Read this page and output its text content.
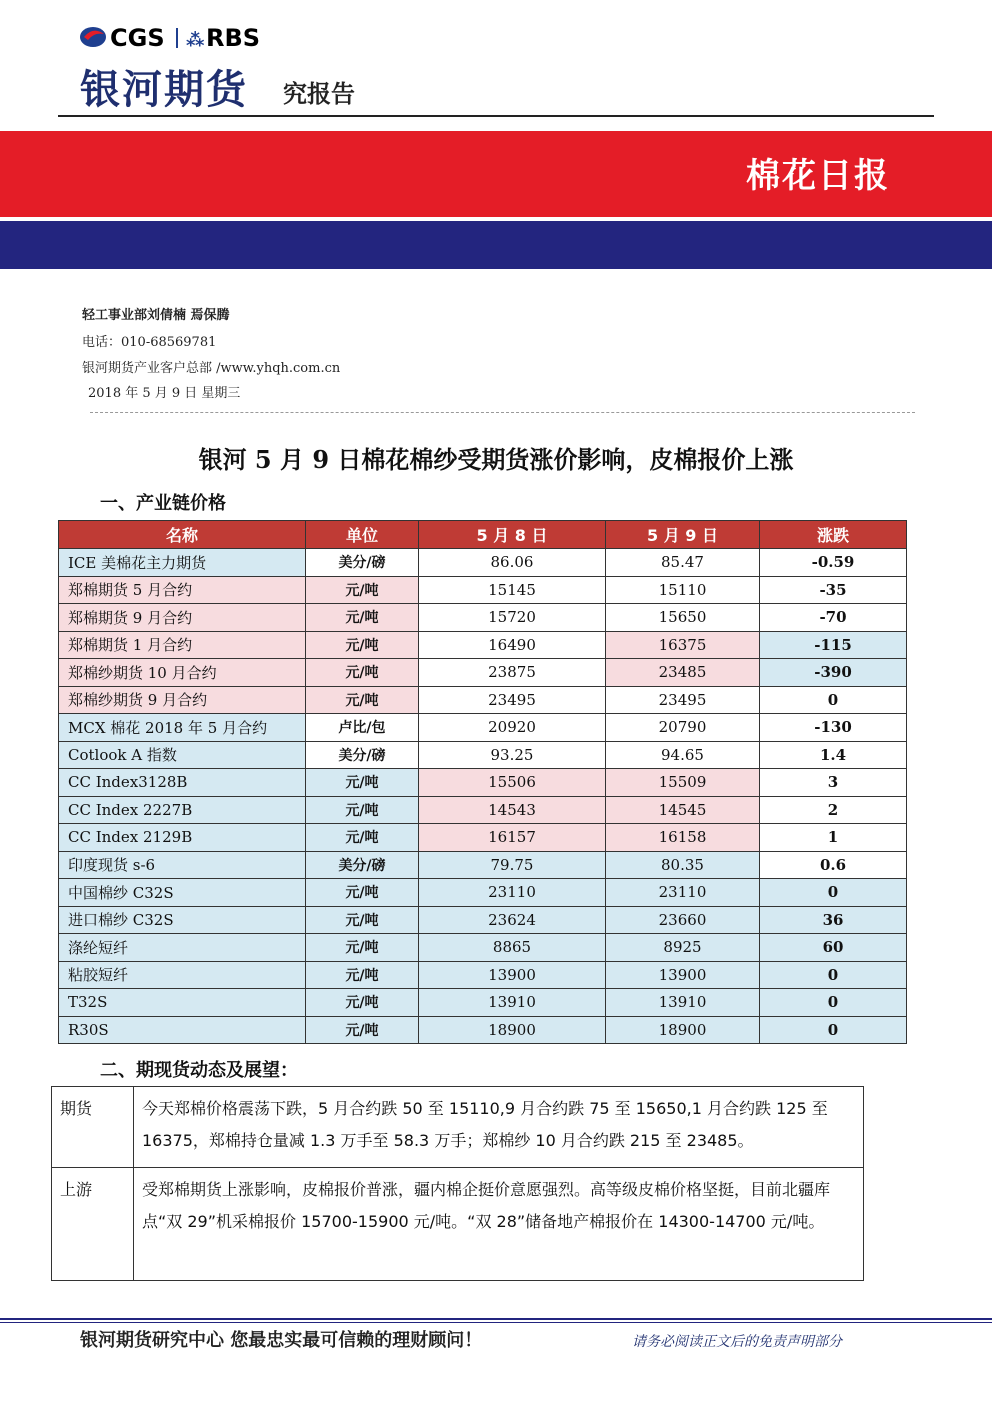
CGS ⁂ RBS
银河期货 究报告
棉花日报
轻工事业部刘倩楠 焉保腾
电话：010-68569781
银河期货产业客户总部 /www.yhqh.com.cn
2018 年 5 月 9 日 星期三
银河 5 月 9 日棉花棉纱受期货涨价影响，皮棉报价上涨
一、产业链价格
名称	单位	5 月 8 日	5 月 9 日	涨跌
ICE 美棉花主力期货	美分/磅	86.06	85.47	-0.59
郑棉期货 5 月合约	元/吨	15145	15110	-35
郑棉期货 9 月合约	元/吨	15720	15650	-70
郑棉期货 1 月合约	元/吨	16490	16375	-115
郑棉纱期货 10 月合约	元/吨	23875	23485	-390
郑棉纱期货 9 月合约	元/吨	23495	23495	0
MCX 棉花 2018 年 5 月合约	卢比/包	20920	20790	-130
Cotlook A 指数	美分/磅	93.25	94.65	1.4
CC Index3128B	元/吨	15506	15509	3
CC Index 2227B	元/吨	14543	14545	2
CC Index 2129B	元/吨	16157	16158	1
印度现货 s-6	美分/磅	79.75	80.35	0.6
中国棉纱 C32S	元/吨	23110	23110	0
进口棉纱 C32S	元/吨	23624	23660	36
涤纶短纤	元/吨	8865	8925	60
粘胶短纤	元/吨	13900	13900	0
T32S	元/吨	13910	13910	0
R30S	元/吨	18900	18900	0
二、期现货动态及展望：
期货	今天郑棉价格震荡下跌，5 月合约跌 50 至 15110,9 月合约跌 75 至 15650,1 月合约跌 125 至 16375，郑棉持仓量减 1.3 万手至 58.3 万手；郑棉纱 10 月合约跌 215 至 23485。
上游	受郑棉期货上涨影响，皮棉报价普涨，疆内棉企挺价意愿强烈。高等级皮棉价格坚挺，目前北疆库点“双 29”机采棉报价 15700-15900 元/吨。“双 28”储备地产棉报价在 14300-14700 元/吨。
银河期货研究中心 您最忠实最可信赖的理财顾问！	请务必阅读正文后的免责声明部分
